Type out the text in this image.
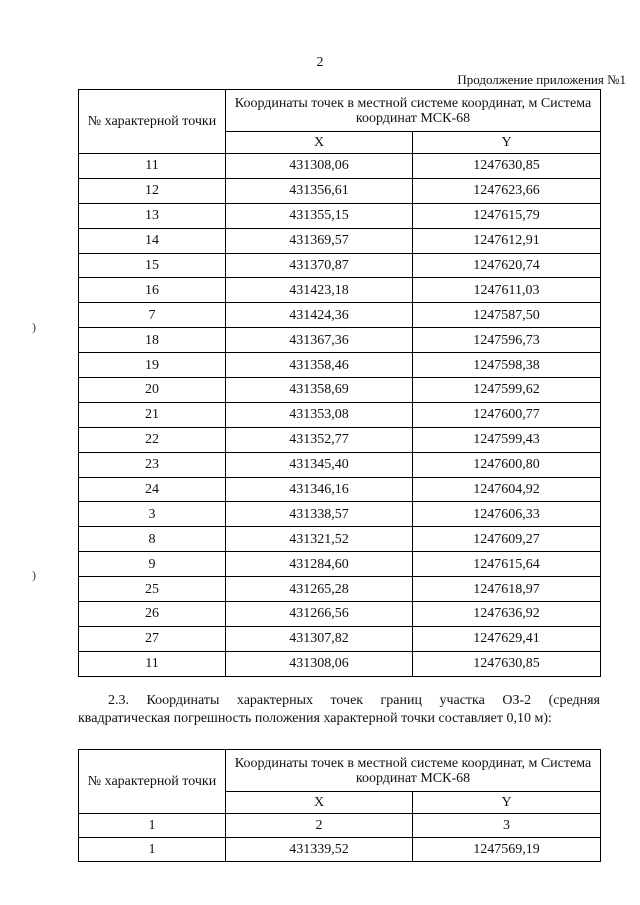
2
Продолжение приложения №1
)
)
№ характерной точки	Координаты точек в местной системе координат, м Система координат МСК-68	
	X	Y
11	431308,06	1247630,85
12	431356,61	1247623,66
13	431355,15	1247615,79
14	431369,57	1247612,91
15	431370,87	1247620,74
16	431423,18	1247611,03
7	431424,36	1247587,50
18	431367,36	1247596,73
19	431358,46	1247598,38
20	431358,69	1247599,62
21	431353,08	1247600,77
22	431352,77	1247599,43
23	431345,40	1247600,80
24	431346,16	1247604,92
3	431338,57	1247606,33
8	431321,52	1247609,27
9	431284,60	1247615,64
25	431265,28	1247618,97
26	431266,56	1247636,92
27	431307,82	1247629,41
11	431308,06	1247630,85
2.3. Координаты характерных точек границ участка ОЗ-2 (средняя
квадратическая погрешность положения характерной точки составляет 0,10 м):
№ характерной точки	Координаты точек в местной системе координат, м Система координат МСК-68	
	X	Y
1	2	3
1	431339,52	1247569,19
